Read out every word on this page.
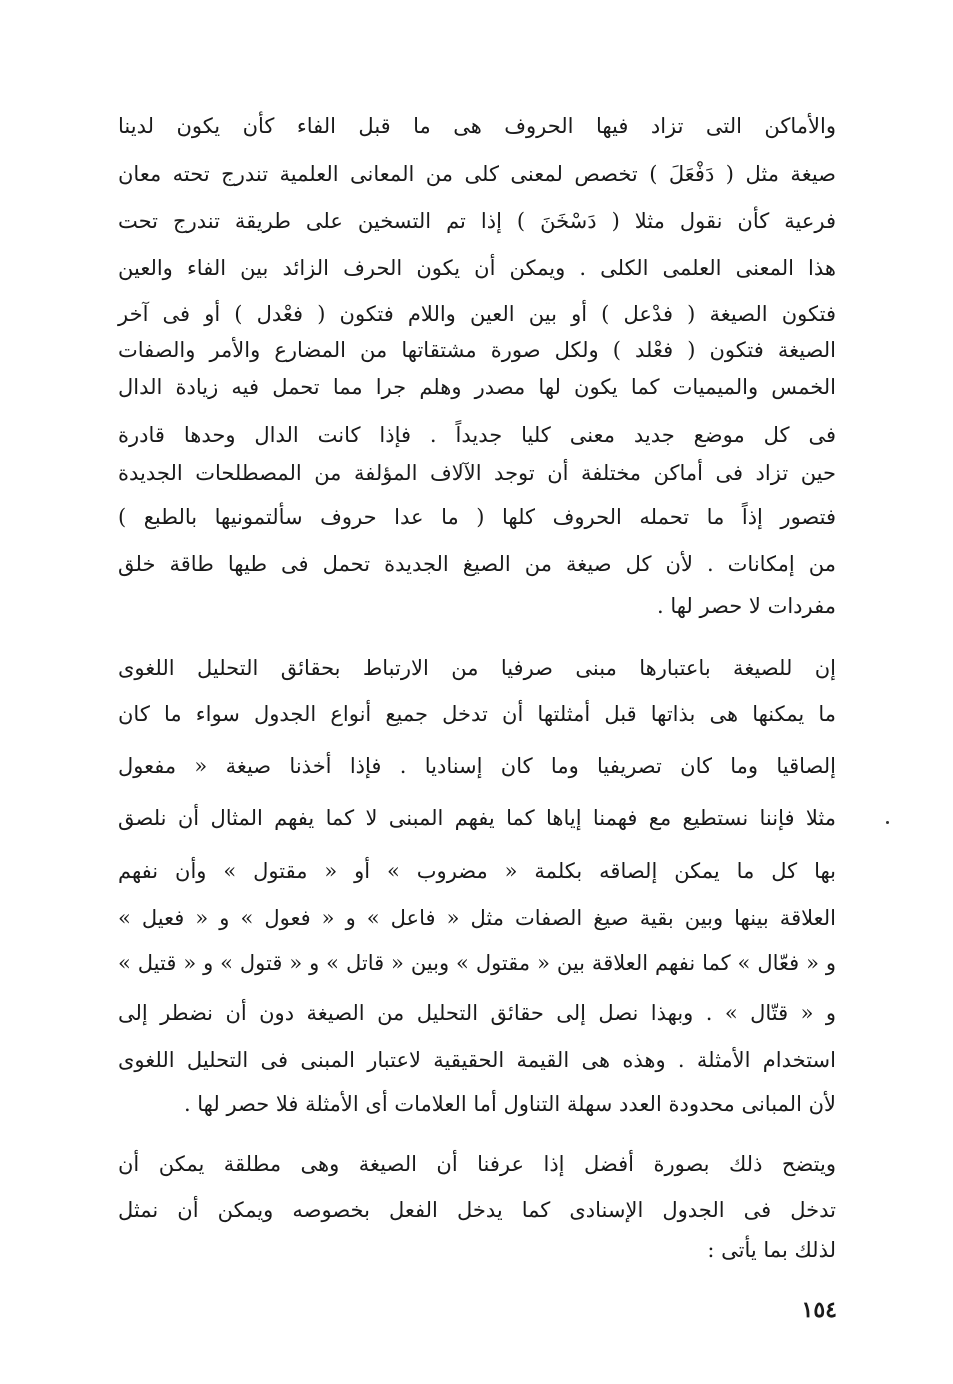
والأماكن التى تزاد فيها الحروف هى ما قبل الفاء كأن يكون لدينا
صيغة مثل ( دَفْعَلَ ) تخصص لمعنى كلى من المعانى العلمية تندرج تحته معان
فرعية كأن نقول مثلا ( دَسْخَنَ ) إذا تم التسخين على طريقة تندرج تحت
هذا المعنى العلمى الكلى . ويمكن أن يكون الحرف الزائد بين الفاء والعين
فتكون الصيغة ( فدْعل ) أو بين العين واللام فتكون ( فعْدل ) أو فى آخر
الصيغة فتكون ( فعْلد ) ولكل صورة مشتقاتها من المضارع والأمر والصفات
الخمس والميميات كما يكون لها مصدر وهلم جرا مما تحمل فيه زيادة الدال
فى كل موضع جديد معنى كليا جديداً . فإذا كانت الدال وحدها قادرة
حين تزاد فى أماكن مختلفة أن توجد الآلاف المؤلفة من المصطلحات الجديدة
فتصور إذاً ما تحمله الحروف كلها ( ما عدا حروف سألتمونيها بالطبع )
من إمكانات . لأن كل صيغة من الصيغ الجديدة تحمل فى طيها طاقة خلق
مفردات لا حصر لها .
إن للصيغة باعتبارها مبنى صرفيا من الارتباط بحقائق التحليل اللغوى
ما يمكنها هى بذاتها قبل أمثلتها أن تدخل جميع أنواع الجدول سواء ما كان
إلصاقيا وما كان تصريفيا وما كان إسناديا . فإذا أخذنا صيغة « مفعول
مثلا فإننا نستطيع مع فهمنا إياها كما يفهم المبنى لا كما يفهم المثال أن نلصق
بها كل ما يمكن إلصاقه بكلمة « مضروب » أو « مقتول » وأن نفهم
العلاقة بينها وبين بقية صيغ الصفات مثل « فاعل » و « فعول » و « فعيل »
و « فعّال » كما نفهم العلاقة بين « مقتول » وبين « قاتل » و « قتول » و « قتيل »
و « قتّال » . وبهذا نصل إلى حقائق التحليل من الصيغة دون أن نضطر إلى
استخدام الأمثلة . وهذه هى القيمة الحقيقية لاعتبار المبنى فى التحليل اللغوى
لأن المبانى محدودة العدد سهلة التناول أما العلامات أى الأمثلة فلا حصر لها .
ويتضح ذلك بصورة أفضل إذا عرفنا أن الصيغة وهى مطلقة يمكن أن
تدخل فى الجدول الإسنادى كما يدخل الفعل بخصوصه ويمكن أن نمثل
لذلك بما يأتى :
١٥٤
